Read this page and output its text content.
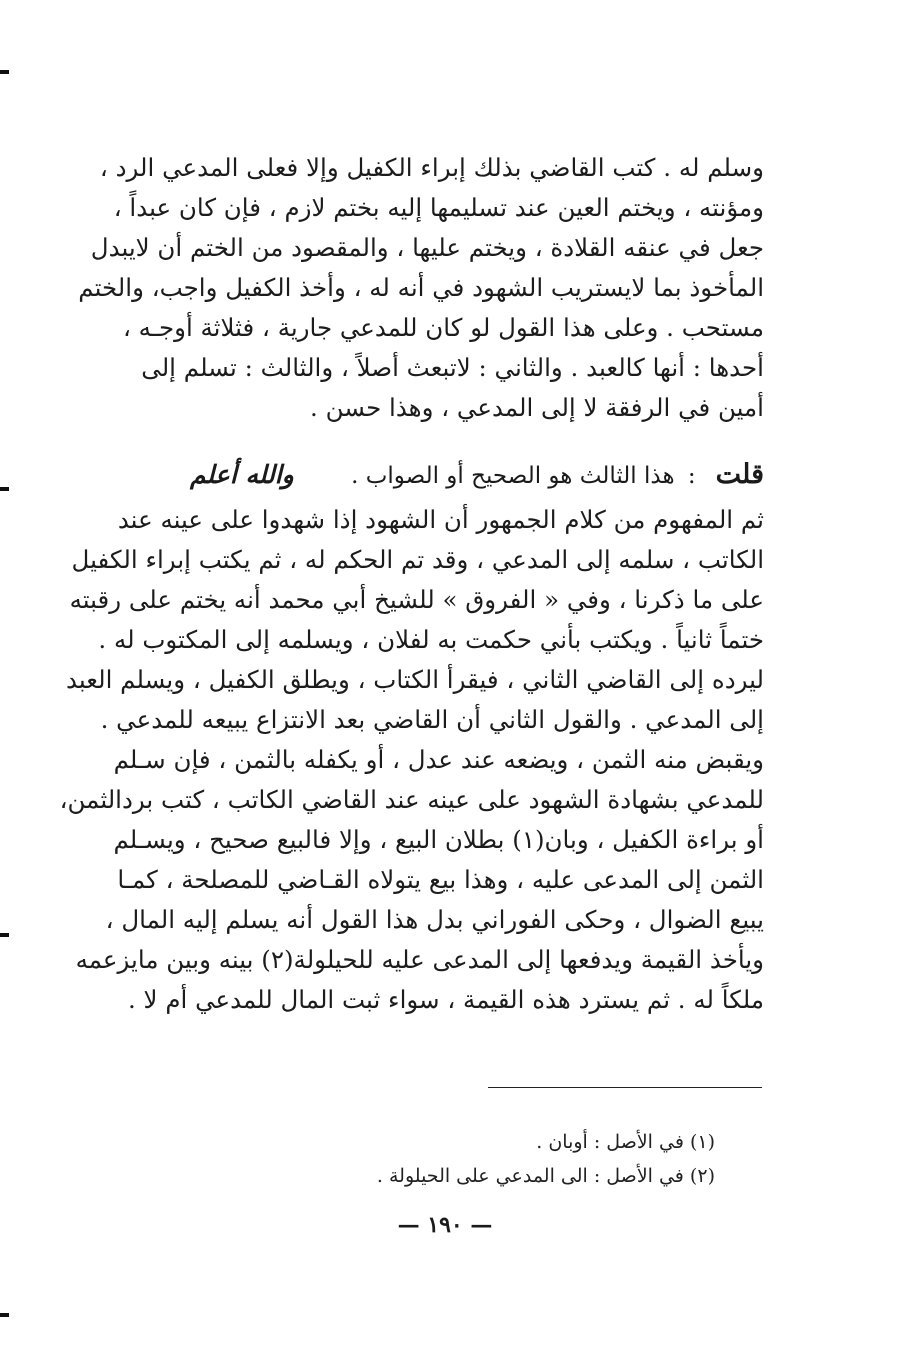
وسلم له . كتب القاضي بذلك إبراء الكفيل وإلا فعلى المدعي الرد ،
ومؤنته ، ويختم العين عند تسليمها إليه بختم لازم ، فإن كان عبداً ،
جعل في عنقه القلادة ، ويختم عليها ، والمقصود من الختم أن لايبدل
المأخوذ بما لايستريب الشهود في أنه له ، وأخذ الكفيل واجب، والختم
مستحب . وعلى هذا القول لو كان للمدعي جارية ، فثلاثة أوجـه ،
أحدها : أنها كالعبد . والثاني : لاتبعث أصلاً ، والثالث : تسلم إلى
أمين في الرفقة لا إلى المدعي ، وهذا حسن .
قلت: هذا الثالث هو الصحيح أو الصواب .
والله أعلم
ثم المفهوم من كلام الجمهور أن الشهود إذا شهدوا على عينه عند
الكاتب ، سلمه إلى المدعي ، وقد تم الحكم له ، ثم يكتب إبراء الكفيل
على ما ذكرنا ، وفي « الفروق » للشيخ أبي محمد أنه يختم على رقبته
ختماً ثانياً . ويكتب بأني حكمت به لفلان ، ويسلمه إلى المكتوب له .
ليرده إلى القاضي الثاني ، فيقرأ الكتاب ، ويطلق الكفيل ، ويسلم العبد
إلى المدعي . والقول الثاني أن القاضي بعد الانتزاع يبيعه للمدعي .
ويقبض منه الثمن ، ويضعه عند عدل ، أو يكفله بالثمن ، فإن سـلم
للمدعي بشهادة الشهود على عينه عند القاضي الكاتب ، كتب بردالثمن،
أو براءة الكفيل ، وبان(١) بطلان البيع ، وإلا فالبيع صحيح ، ويسـلم
الثمن إلى المدعى عليه ، وهذا بيع يتولاه القـاضي للمصلحة ، كمـا
يبيع الضوال ، وحكى الفوراني بدل هذا القول أنه يسلم إليه المال ،
ويأخذ القيمة ويدفعها إلى المدعى عليه للحيلولة(٢) بينه وبين مايزعمه
ملكاً له . ثم يسترد هذه القيمة ، سواء ثبت المال للمدعي أم لا .
(١) في الأصل : أوبان .
(٢) في الأصل : الى المدعي على الحيلولة .
— ١٩٠ —
